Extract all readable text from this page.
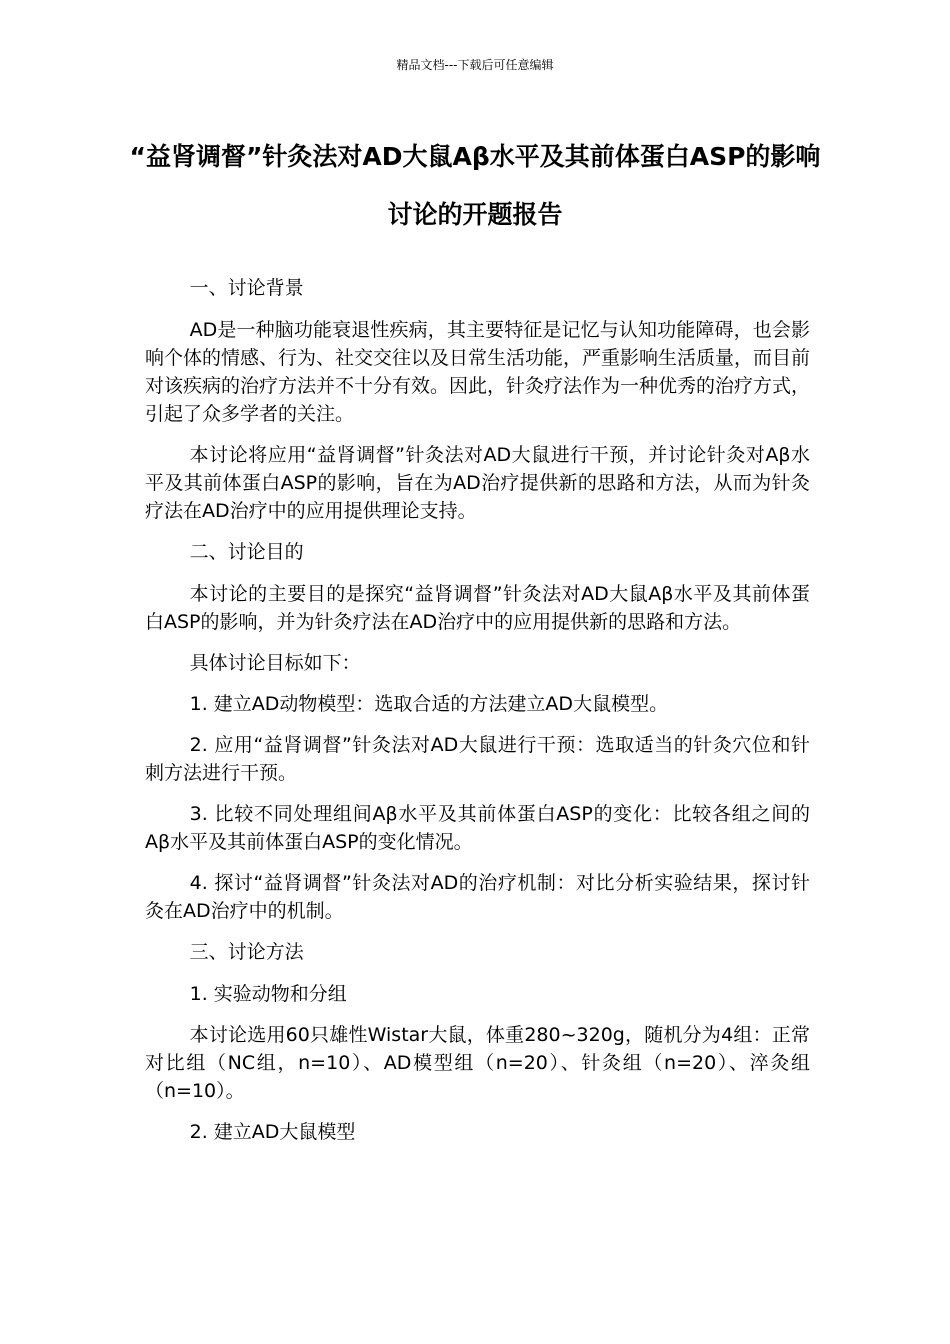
精品文档---下载后可任意编辑
“益肾调督”针灸法对AD大鼠Aβ水平及其前体蛋白ASP的影响讨论的开题报告

一、讨论背景

AD是一种脑功能衰退性疾病，其主要特征是记忆与认知功能障碍，也会影响个体的情感、行为、社交交往以及日常生活功能，严重影响生活质量，而目前对该疾病的治疗方法并不十分有效。因此，针灸疗法作为一种优秀的治疗方式，引起了众多学者的关注。

本讨论将应用“益肾调督”针灸法对AD大鼠进行干预，并讨论针灸对Aβ水平及其前体蛋白ASP的影响，旨在为AD治疗提供新的思路和方法，从而为针灸疗法在AD治疗中的应用提供理论支持。

二、讨论目的

本讨论的主要目的是探究“益肾调督”针灸法对AD大鼠Aβ水平及其前体蛋白ASP的影响，并为针灸疗法在AD治疗中的应用提供新的思路和方法。

具体讨论目标如下：

1. 建立AD动物模型：选取合适的方法建立AD大鼠模型。

2. 应用“益肾调督”针灸法对AD大鼠进行干预：选取适当的针灸穴位和针刺方法进行干预。

3. 比较不同处理组间Aβ水平及其前体蛋白ASP的变化：比较各组之间的Aβ水平及其前体蛋白ASP的变化情况。

4. 探讨“益肾调督”针灸法对AD的治疗机制：对比分析实验结果，探讨针灸在AD治疗中的机制。

三、讨论方法

1. 实验动物和分组

本讨论选用60只雄性Wistar大鼠，体重280~320g，随机分为4组：正常对比组（NC组，n=10）、AD模型组（n=20）、针灸组（n=20）、淬灸组（n=10）。

2. 建立AD大鼠模型
